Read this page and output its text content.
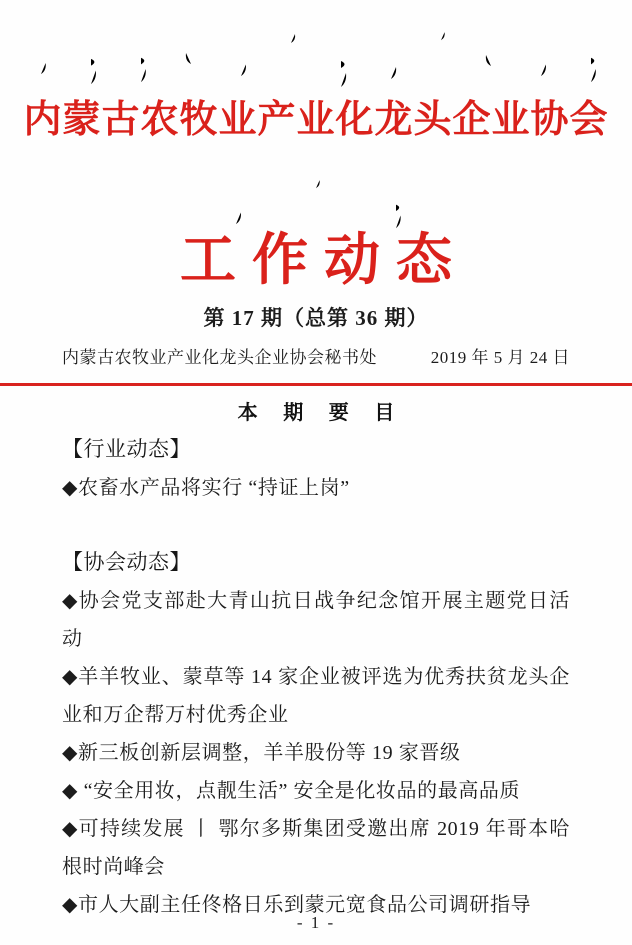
内蒙古农牧业产业化龙头企业协会
工作动态
第 17 期（总第 36 期）
内蒙古农牧业产业化龙头企业协会秘书处	2019 年 5 月 24 日
本 期 要 目
【行业动态】

◆农畜水产品将实行 “持证上岗”

【协会动态】

◆协会党支部赴大青山抗日战争纪念馆开展主题党日活动

◆羊羊牧业、蒙草等 14 家企业被评选为优秀扶贫龙头企业和万企帮万村优秀企业

◆新三板创新层调整，羊羊股份等 19 家晋级

◆ “安全用妆，点靓生活” 安全是化妆品的最高品质

◆可持续发展 丨 鄂尔多斯集团受邀出席 2019 年哥本哈根时尚峰会

◆市人大副主任佟格日乐到蒙元宽食品公司调研指导

- 1 -
